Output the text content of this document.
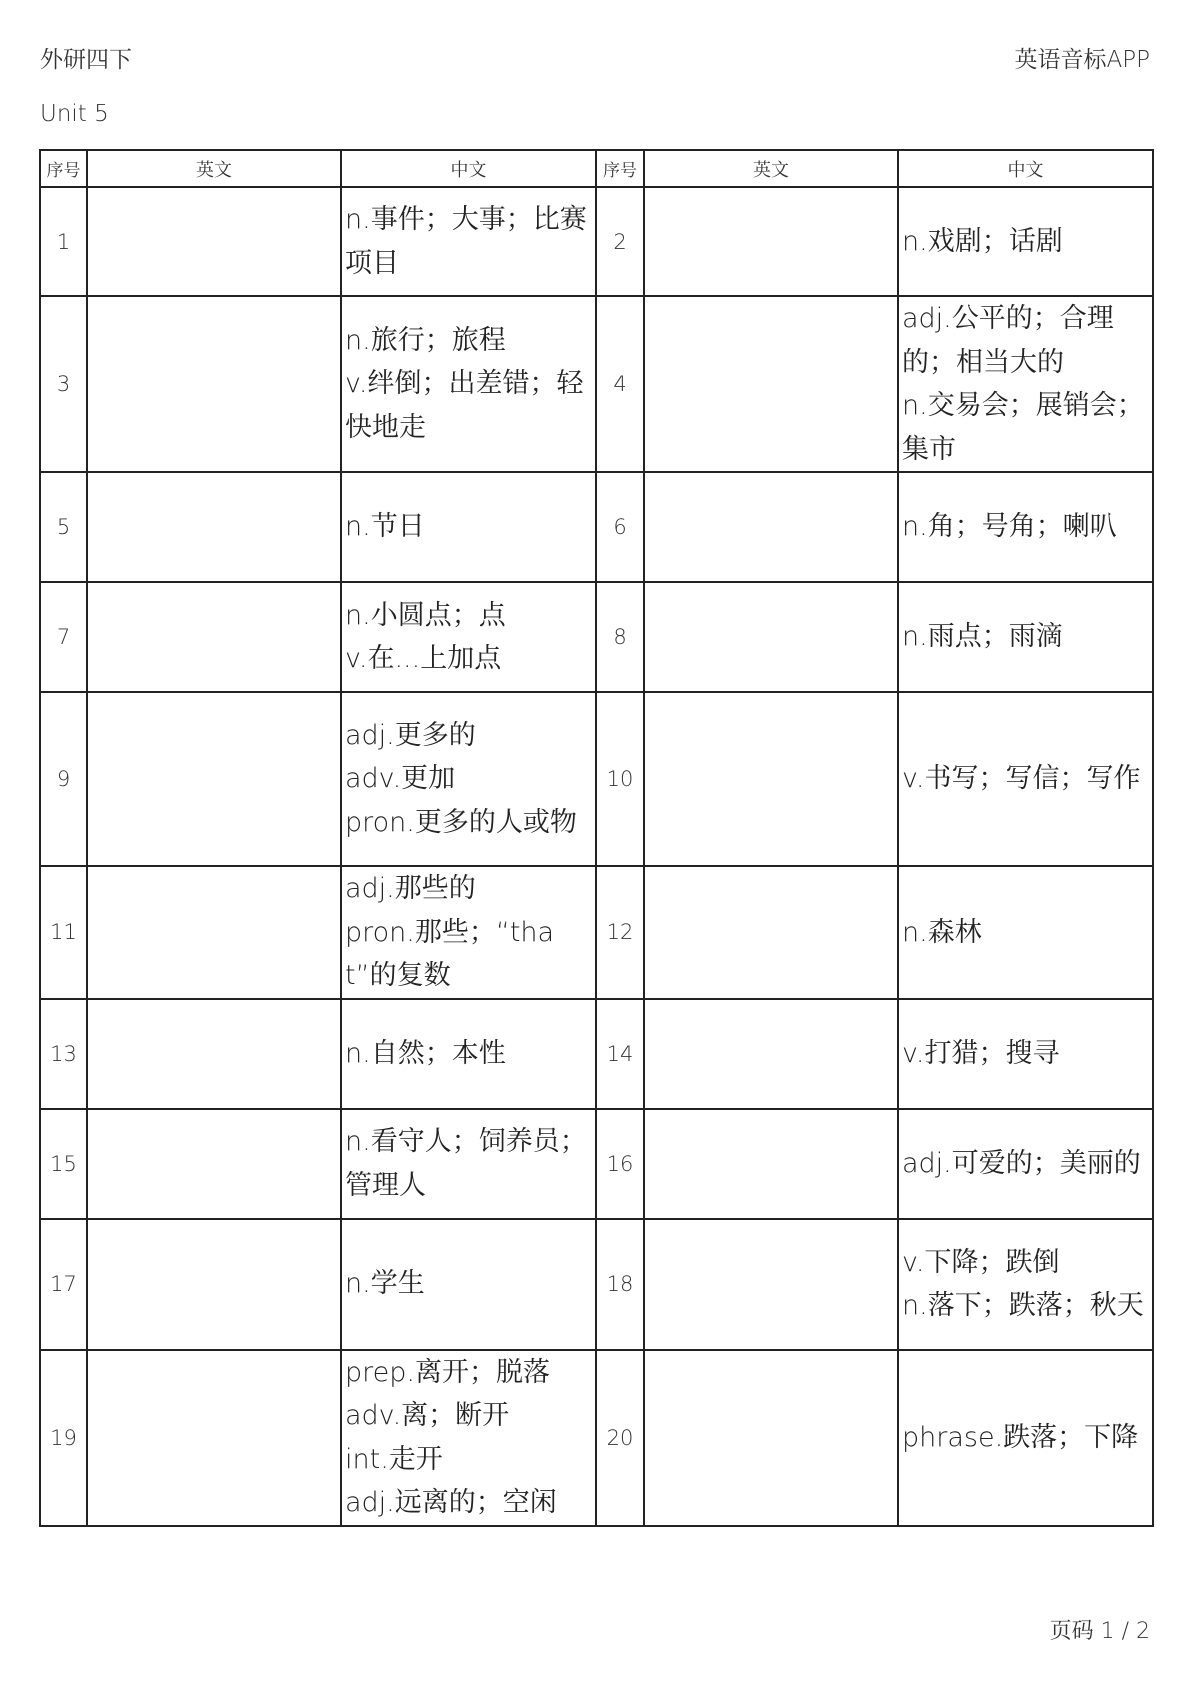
外研四下	英语音标APP
Unit 5
序号	英文	中文	序号	英文	中文
1		n.事件；大事；比赛项目	2		n.戏剧；话剧

3		n.旅行；旅程
v.绊倒；出差错；轻快地走	4		adj.公平的；合理的；相当大的
n.交易会；展销会；集市

5		n.节日	6		n.角；号角；喇叭

7		n.小圆点；点
v.在...上加点	8		n.雨点；雨滴

9		adj.更多的
adv.更加
pron.更多的人或物	10		v.书写；写信；写作

11		adj.那些的
pron.那些；“that”的复数	12		n.森林

13		n.自然；本性	14		v.打猎；搜寻

15		n.看守人；饲养员；管理人	16		adj.可爱的；美丽的

17		n.学生	18		v.下降；跌倒
n.落下；跌落；秋天

19		prep.离开；脱落
adv.离；断开
int.走开
adj.远离的；空闲	20		phrase.跌落；下降
页码 1 / 2
